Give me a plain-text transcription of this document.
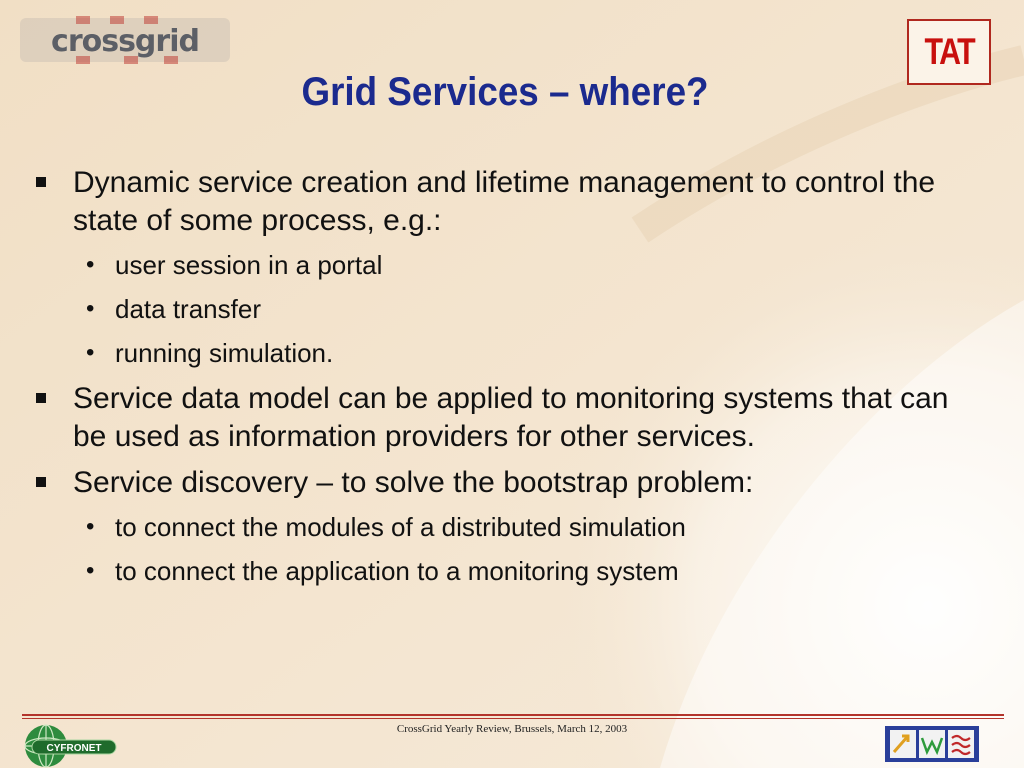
crossgrid	TAT
Grid Services – where?
Dynamic service creation and lifetime management to control the state of some process, e.g.:
• user session in a portal
• data transfer
• running simulation.
Service data model can be applied to monitoring systems that can be used as information providers for other services.
Service discovery – to solve the bootstrap problem:
• to connect the modules of a distributed simulation
• to connect the application to a monitoring system
CrossGrid Yearly Review, Brussels, March 12, 2003
CYFRONET
